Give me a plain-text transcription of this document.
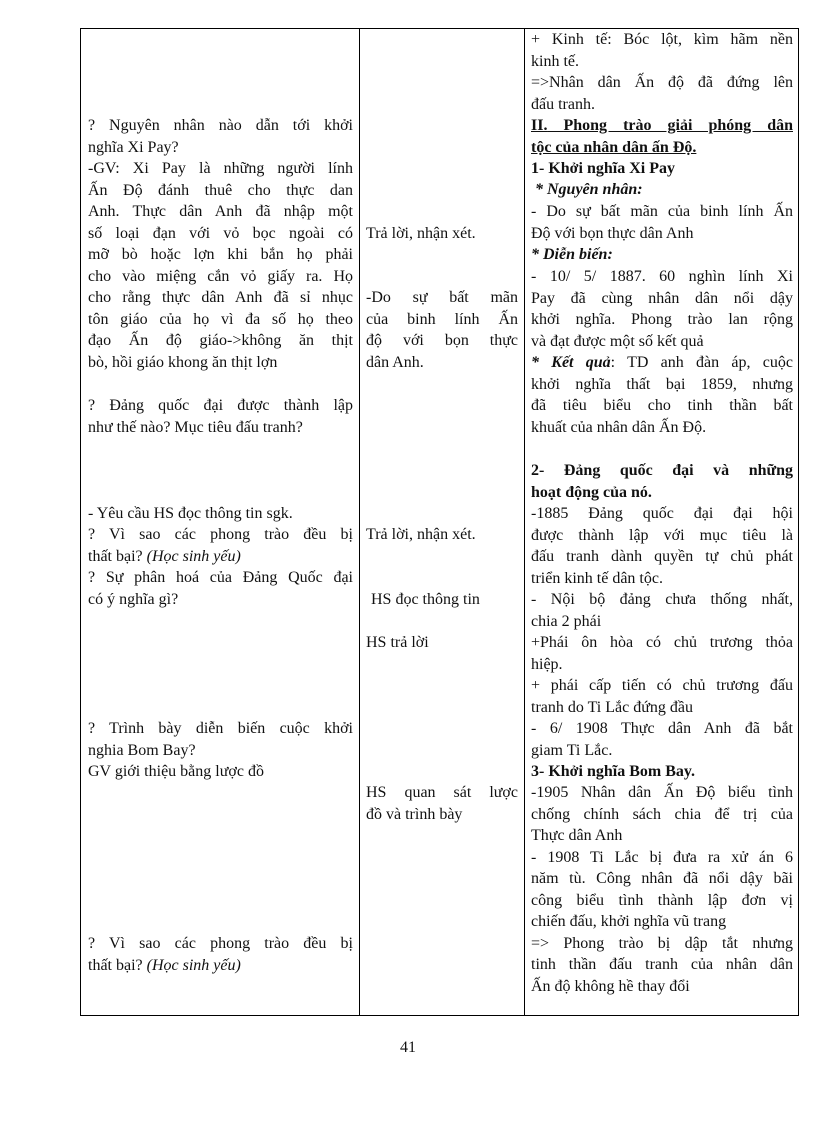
? Nguyên nhân nào dẫn tới khởi
nghĩa Xi Pay?
-GV: Xi Pay là những người lính
Ấn Độ đánh thuê cho thực dan
Anh. Thực dân Anh đã nhập một
số loại đạn với vỏ bọc ngoài có
mỡ bò hoặc lợn khi bắn họ phải
cho vào miệng cắn vỏ giấy ra. Họ
cho rằng thực dân Anh đã sỉ nhục
tôn giáo của họ vì đa số họ theo
đạo Ấn độ giáo->không ăn thịt
bò, hồi giáo khong ăn thịt lợn
? Đảng quốc đại được thành lập
như thế nào? Mục tiêu đấu tranh?
- Yêu cầu HS đọc thông tin sgk.
? Vì sao các phong trào đều bị
thất bại? (Học sinh yếu)
? Sự phân hoá của Đảng Quốc đại
có ý nghĩa gì?
? Trình bày diễn biến cuộc khởi
nghia Bom Bay?
GV giới thiệu bằng lược đồ
? Vì sao các phong trào đều bị
thất bại? (Học sinh yếu)
Trả lời, nhận xét.
-Do sự bất mãn
của binh lính Ấn
độ với bọn thực
dân Anh.
Trả lời, nhận xét.
HS đọc thông tin
HS trả lời
HS quan sát lược
đồ và trình bày
+ Kinh tế: Bóc lột, kìm hãm nền
kinh tế.
=>Nhân dân Ấn độ đã đứng lên
đấu tranh.
II. Phong trào giải phóng dân
tộc của nhân dân ấn Độ.
1- Khởi nghĩa Xi Pay
* Nguyên nhân:
- Do sự bất mãn của binh lính Ấn
Độ với bọn thực dân Anh
* Diễn biến:
- 10/ 5/ 1887. 60 nghìn lính Xi
Pay đã cùng nhân dân nổi dậy
khởi nghĩa. Phong trào lan rộng
và đạt được một số kết quả
* Kết quả: TD anh đàn áp, cuộc
khởi nghĩa thất bại 1859, nhưng
đã tiêu biểu cho tinh thần bất
khuất của nhân dân Ấn Độ.
2- Đảng quốc đại và những
hoạt động của nó.
-1885 Đảng quốc đại đại hội
được thành lập với mục tiêu là
đấu tranh dành quyền tự chủ phát
triển kinh tế dân tộc.
- Nội bộ đảng chưa thống nhất,
chia 2 phái
+Phái ôn hòa có chủ trương thỏa
hiệp.
+ phái cấp tiến có chủ trương đấu
tranh do Ti Lắc đứng đầu
- 6/ 1908 Thực dân Anh đã bắt
giam Ti Lắc.
3- Khởi nghĩa Bom Bay.
-1905 Nhân dân Ấn Độ biểu tình
chống chính sách chia để trị của
Thực dân Anh
- 1908 Ti Lắc bị đưa ra xử án 6
năm tù. Công nhân đã nổi dậy bãi
công biểu tình thành lập đơn vị
chiến đấu, khởi nghĩa vũ trang
=> Phong trào bị dập tắt nhưng
tinh thần đấu tranh của nhân dân
Ấn độ không hề thay đổi
41
